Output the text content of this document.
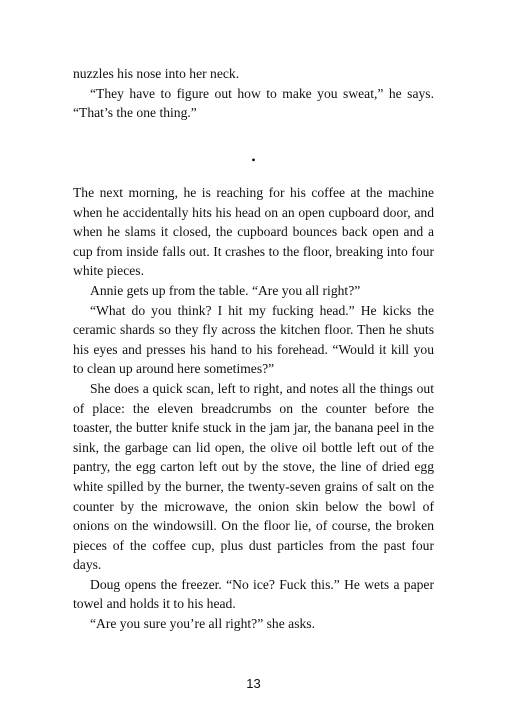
nuzzles his nose into her neck.

“They have to figure out how to make you sweat,” he says. “That’s the one thing.”

•

The next morning, he is reaching for his coffee at the machine when he accidentally hits his head on an open cupboard door, and when he slams it closed, the cupboard bounces back open and a cup from inside falls out. It crashes to the floor, breaking into four white pieces.

Annie gets up from the table. “Are you all right?”

“What do you think? I hit my fucking head.” He kicks the ceramic shards so they fly across the kitchen floor. Then he shuts his eyes and presses his hand to his forehead. “Would it kill you to clean up around here sometimes?”

She does a quick scan, left to right, and notes all the things out of place: the eleven breadcrumbs on the counter before the toaster, the butter knife stuck in the jam jar, the banana peel in the sink, the garbage can lid open, the olive oil bottle left out of the pantry, the egg carton left out by the stove, the line of dried egg white spilled by the burner, the twenty-seven grains of salt on the counter by the microwave, the onion skin below the bowl of onions on the windowsill. On the floor lie, of course, the broken pieces of the coffee cup, plus dust particles from the past four days.

Doug opens the freezer. “No ice? Fuck this.” He wets a paper towel and holds it to his head.

“Are you sure you’re all right?” she asks.

13
